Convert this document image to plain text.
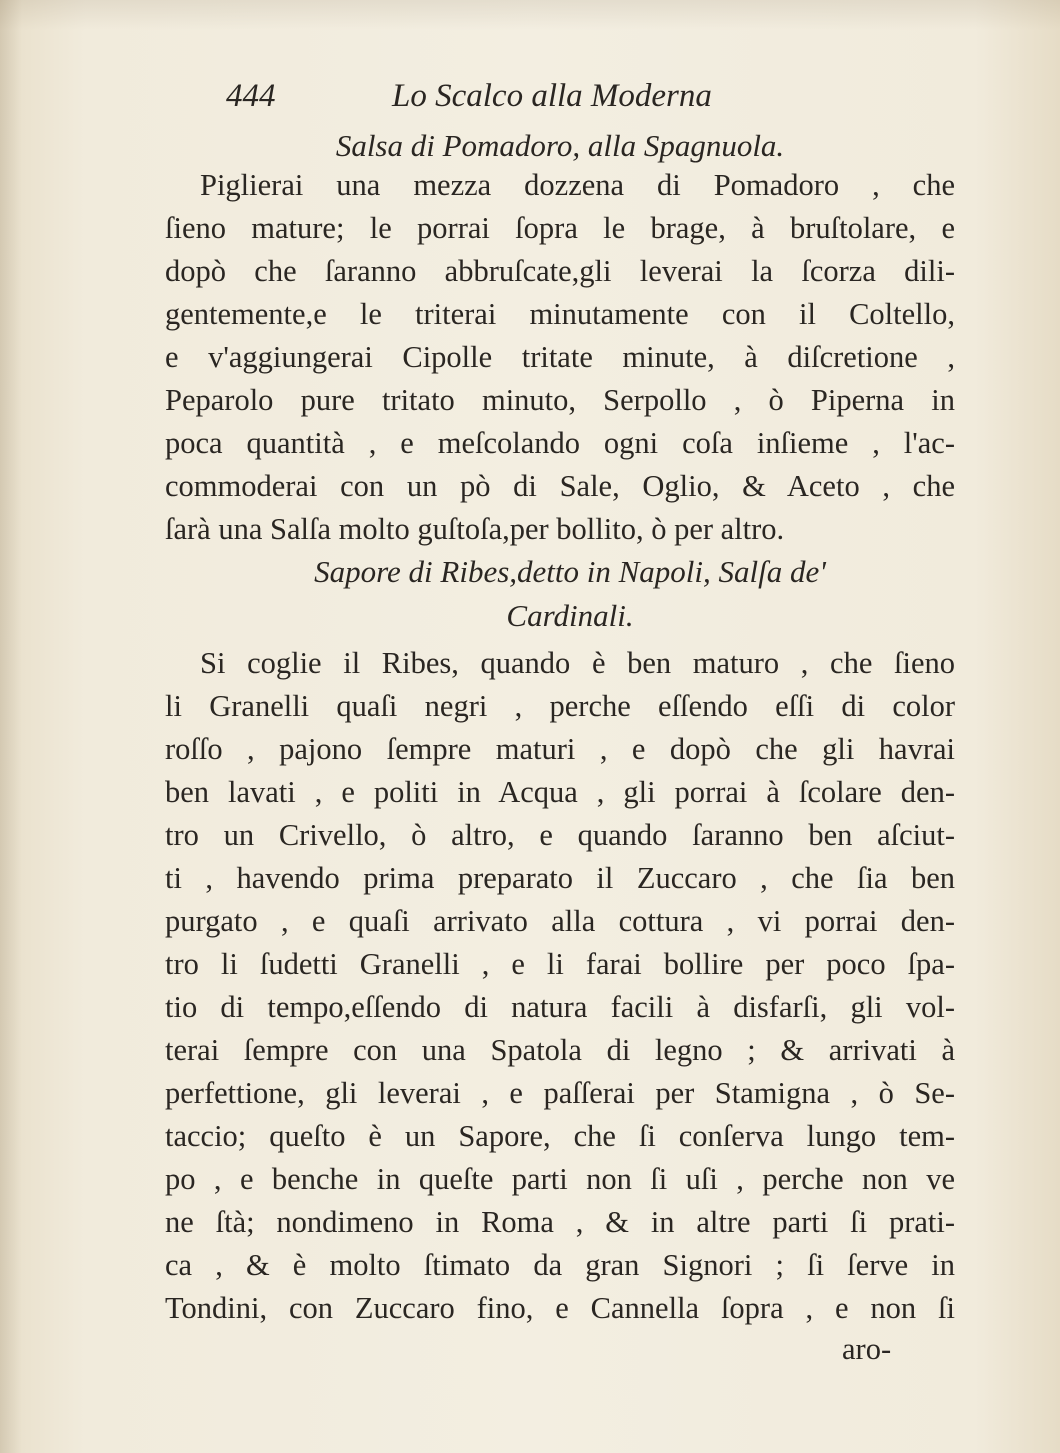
444	Lo Scalco alla Moderna
Salsa di Pomadoro, alla Spagnuola.
Piglierai una mezza dozzena di Pomadoro , che
ſieno mature; le porrai ſopra le brage, à bruſtolare, e
dopò che ſaranno abbruſcate,gli leverai la ſcorza dili-
gentemente,e le triterai minutamente con il Coltello,
e v'aggiungerai Cipolle tritate minute, à diſcretione ,
Peparolo pure tritato minuto, Serpollo , ò Piperna in
poca quantità , e meſcolando ogni coſa inſieme , l'ac-
commoderai con un pò di Sale, Oglio, & Aceto , che
ſarà una Salſa molto guſtoſa,per bollito, ò per altro.
Sapore di Ribes,detto in Napoli, Salſa de'
Cardinali.
Si coglie il Ribes, quando è ben maturo , che ſieno
li Granelli quaſi negri , perche eſſendo eſſi di color
roſſo , pajono ſempre maturi , e dopò che gli havrai
ben lavati , e politi in Acqua , gli porrai à ſcolare den-
tro un Crivello, ò altro, e quando ſaranno ben aſciut-
ti , havendo prima preparato il Zuccaro , che ſia ben
purgato , e quaſi arrivato alla cottura , vi porrai den-
tro li ſudetti Granelli , e li farai bollire per poco ſpa-
tio di tempo,eſſendo di natura facili à disfarſi, gli vol-
terai ſempre con una Spatola di legno ; & arrivati à
perfettione, gli leverai , e paſſerai per Stamigna , ò Se-
taccio; queſto è un Sapore, che ſi conſerva lungo tem-
po , e benche in queſte parti non ſi uſi , perche non ve
ne ſtà; nondimeno in Roma , & in altre parti ſi prati-
ca , & è molto ſtimato da gran Signori ; ſi ſerve in
Tondini, con Zuccaro fino, e Cannella ſopra , e non ſi
aro-
